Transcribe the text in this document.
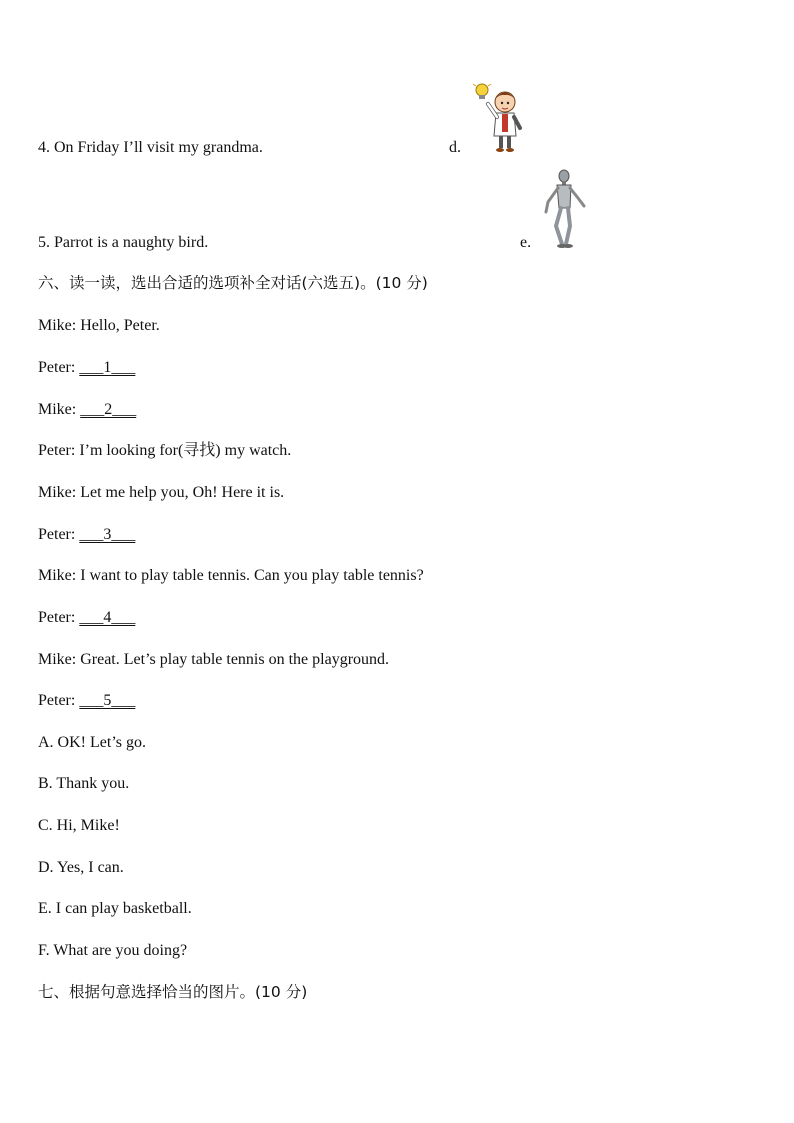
4. On Friday I’ll visit my grandma.	d.
5. Parrot is a naughty bird.	e.
六、读一读，选出合适的选项补全对话(六选五)。(10 分)
Mike: Hello, Peter.
Peter: ___1___
Mike: ___2___
Peter: I’m looking for(寻找) my watch.
Mike: Let me help you, Oh! Here it is.
Peter: ___3___
Mike: I want to play table tennis. Can you play table tennis?
Peter: ___4___
Mike: Great. Let’s play table tennis on the playground.
Peter: ___5___
A. OK! Let’s go.
B. Thank you.
C. Hi, Mike!
D. Yes, I can.
E. I can play basketball.
F. What are you doing?
七、根据句意选择恰当的图片。(10 分)
